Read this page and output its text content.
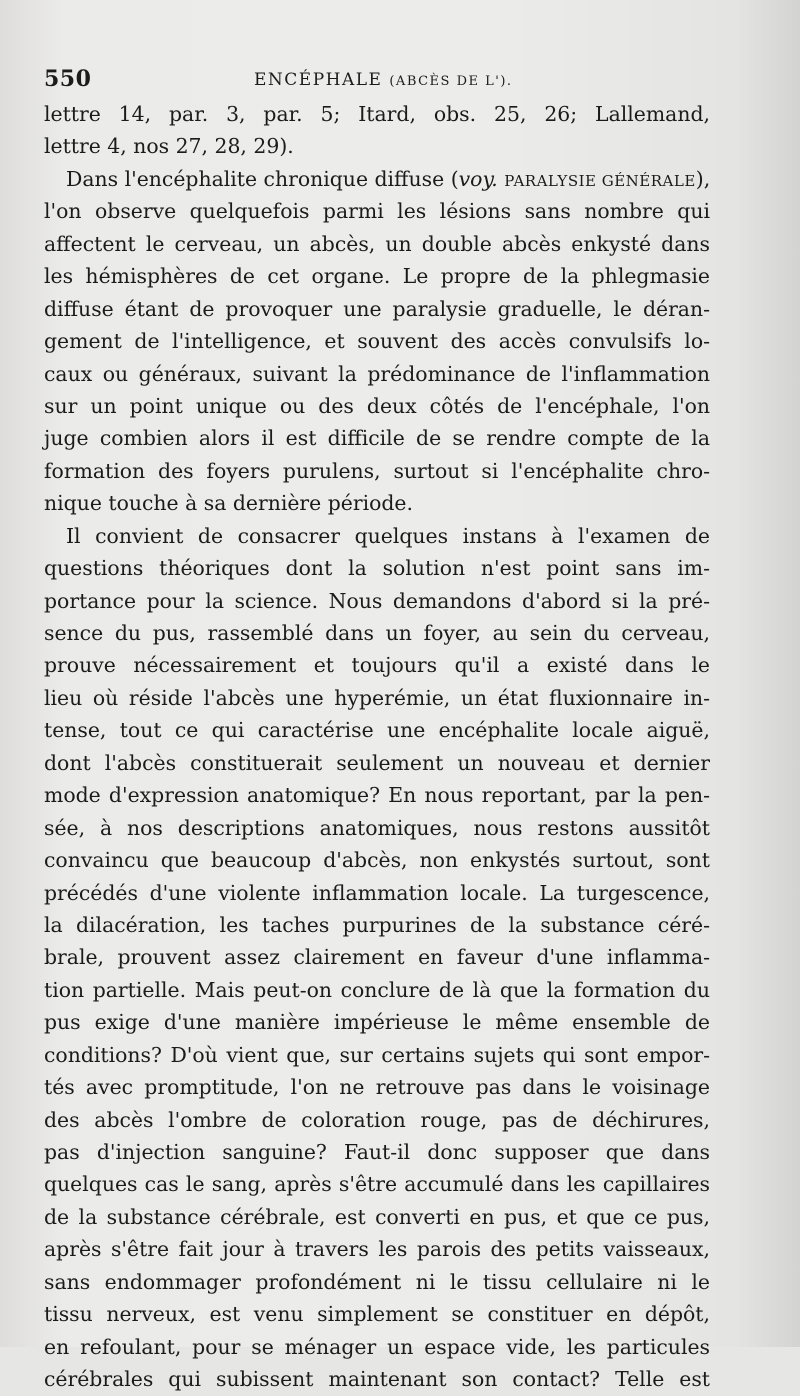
550	ENCÉPHALE (ABCÈS DE L').
lettre 14, par. 3, par. 5; Itard, obs. 25, 26; Lallemand,
lettre 4, nos 27, 28, 29).
Dans l'encéphalite chronique diffuse (voy. PARALYSIE GÉNÉRALE),
l'on observe quelquefois parmi les lésions sans nombre qui
affectent le cerveau, un abcès, un double abcès enkysté dans
les hémisphères de cet organe. Le propre de la phlegmasie
diffuse étant de provoquer une paralysie graduelle, le déran-
gement de l'intelligence, et souvent des accès convulsifs lo-
caux ou généraux, suivant la prédominance de l'inflammation
sur un point unique ou des deux côtés de l'encéphale, l'on
juge combien alors il est difficile de se rendre compte de la
formation des foyers purulens, surtout si l'encéphalite chro-
nique touche à sa dernière période.
Il convient de consacrer quelques instans à l'examen de
questions théoriques dont la solution n'est point sans im-
portance pour la science. Nous demandons d'abord si la pré-
sence du pus, rassemblé dans un foyer, au sein du cerveau,
prouve nécessairement et toujours qu'il a existé dans le
lieu où réside l'abcès une hyperémie, un état fluxionnaire in-
tense, tout ce qui caractérise une encéphalite locale aiguë,
dont l'abcès constituerait seulement un nouveau et dernier
mode d'expression anatomique? En nous reportant, par la pen-
sée, à nos descriptions anatomiques, nous restons aussitôt
convaincu que beaucoup d'abcès, non enkystés surtout, sont
précédés d'une violente inflammation locale. La turgescence,
la dilacération, les taches purpurines de la substance céré-
brale, prouvent assez clairement en faveur d'une inflamma-
tion partielle. Mais peut-on conclure de là que la formation du
pus exige d'une manière impérieuse le même ensemble de
conditions? D'où vient que, sur certains sujets qui sont empor-
tés avec promptitude, l'on ne retrouve pas dans le voisinage
des abcès l'ombre de coloration rouge, pas de déchirures,
pas d'injection sanguine? Faut-il donc supposer que dans
quelques cas le sang, après s'être accumulé dans les capillaires
de la substance cérébrale, est converti en pus, et que ce pus,
après s'être fait jour à travers les parois des petits vaisseaux,
sans endommager profondément ni le tissu cellulaire ni le
tissu nerveux, est venu simplement se constituer en dépôt,
en refoulant, pour se ménager un espace vide, les particules
cérébrales qui subissent maintenant son contact? Telle est
